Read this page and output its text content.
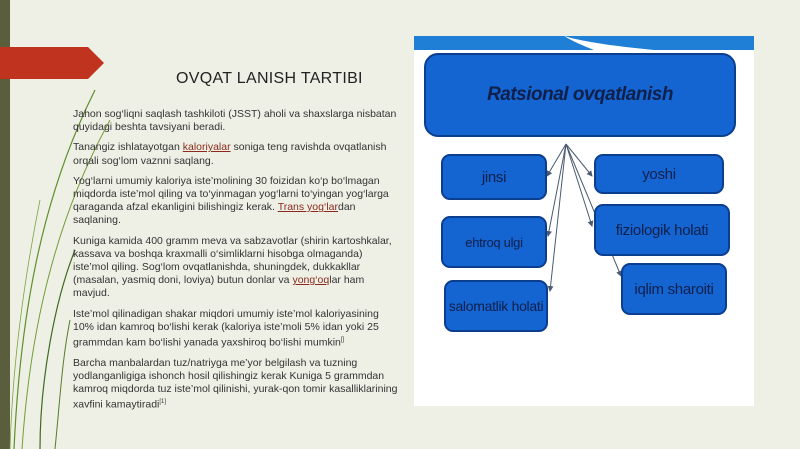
OVQAT LANISH TARTIBI

Jahon sog‘liqni saqlash tashkiloti (JSST) aholi va shaxslarga nisbatan quyidagi beshta tavsiyani beradi.

Tanangiz ishlatayotgan kaloriyalar soniga teng ravishda ovqatlanish orqali sog‘lom vaznni saqlang.

Yog‘larni umumiy kaloriya iste’molining 30 foizidan ko‘p bo‘lmagan miqdorda iste’mol qiling va to‘yinmagan yog‘larni to‘yingan yog‘larga qaraganda afzal ekanligini bilishingiz kerak. Trans yog‘lardan saqlaning.

Kuniga kamida 400 gramm meva va sabzavotlar (shirin kartoshkalar, kassava va boshqa kraxmalli o‘simliklarni hisobga olmaganda) iste’mol qiling. Sog‘lom ovqatlanishda, shuningdek, dukkakllar (masalan, yasmiq doni, loviya) butun donlar va yong‘oqlar ham mavjud.

Iste’mol qilinadigan shakar miqdori umumiy iste’mol kaloriyasining 10% idan kamroq bo‘lishi kerak (kaloriya iste’moli 5% idan yoki 25 grammdan kam bo‘lishi yanada yaxshiroq bo‘lishi mumkin[]

Barcha manbalardan tuz/natriyga me’yor belgilash va tuzning yodlanganligiga ishonch hosil qilishingiz kerak Kuniga 5 grammdan kamroq miqdorda tuz iste’mol qilinishi, yurak-qon tomir kasalliklarining xavfini kamaytiradi[1]

Ratsional ovqatlanish
jinsi	yoshi
ehtroq ulgi
fiziologik holati
salomatlik holati
iqlim sharoiti
